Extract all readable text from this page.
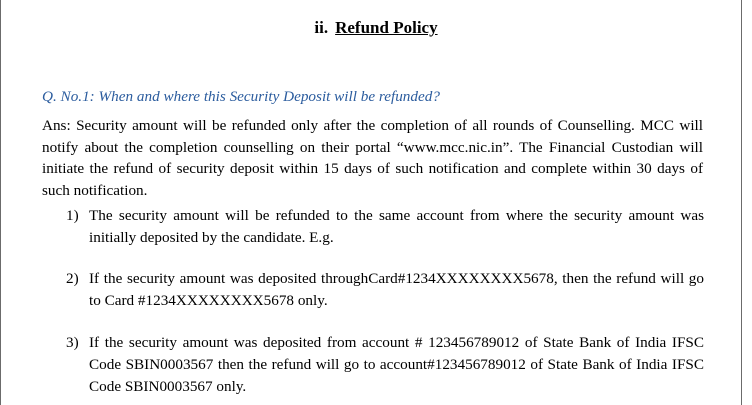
ii. Refund Policy
Q. No.1: When and where this Security Deposit will be refunded?
Ans: Security amount will be refunded only after the completion of all rounds of Counselling. MCC will notify about the completion counselling on their portal “www.mcc.nic.in”. The Financial Custodian will initiate the refund of security deposit within 15 days of such notification and complete within 30 days of such notification.
1) The security amount will be refunded to the same account from where the security amount was initially deposited by the candidate. E.g.
2) If the security amount was deposited throughCard#1234XXXXXXXX5678, then the refund will go to Card #1234XXXXXXXX5678 only.
3) If the security amount was deposited from account # 123456789012 of State Bank of India IFSC Code SBIN0003567 then the refund will go to account#123456789012 of State Bank of India IFSC Code SBIN0003567 only.
